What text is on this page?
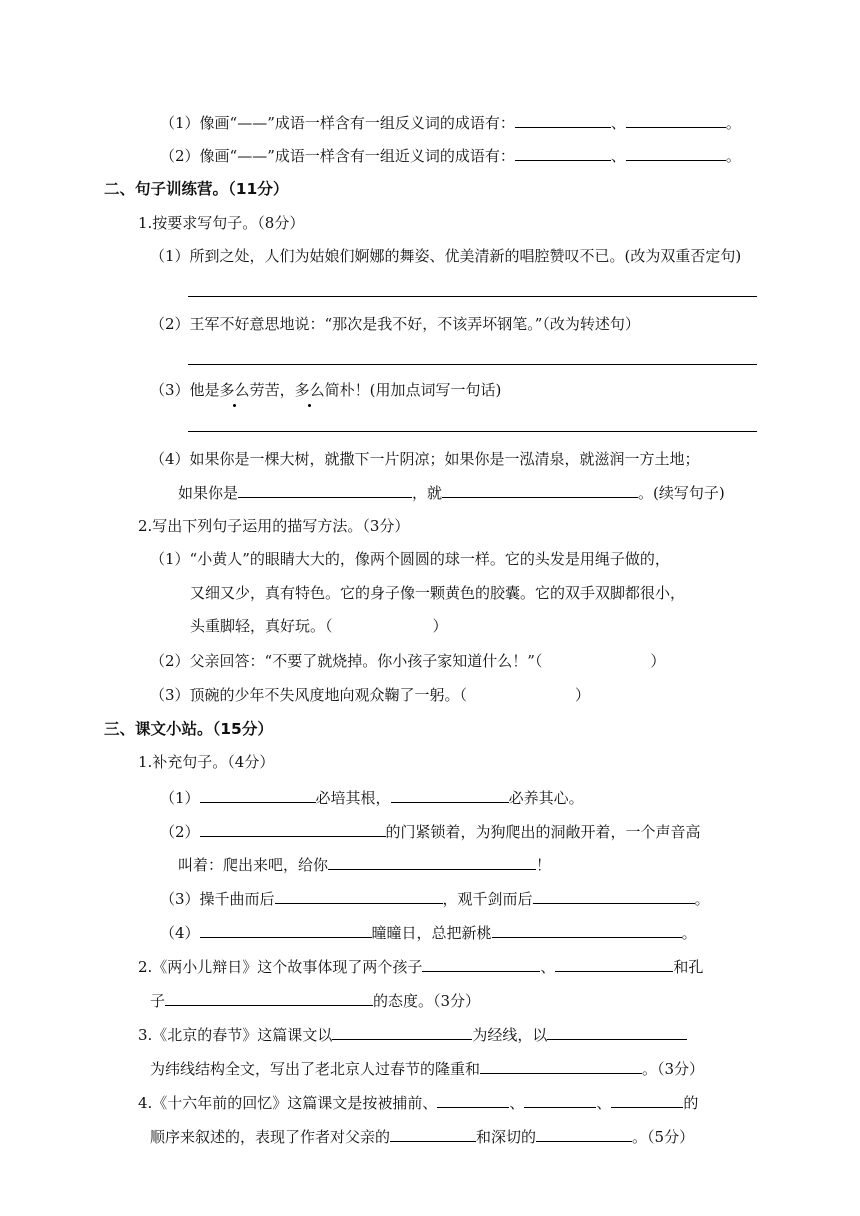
（1）像画“——”成语一样含有一组反义词的成语有：	、	。
（2）像画“——”成语一样含有一组近义词的成语有：	、	。
二、句子训练营。（11分）
1.按要求写句子。（8分）
（1）所到之处，人们为姑娘们婀娜的舞姿、优美清新的唱腔赞叹不已。(改为双重否定句)
（2）王军不好意思地说：“那次是我不好，不该弄坏钢笔。”（改为转述句）
（3）他是多么劳苦，多么简朴！(用加点词写一句话)
（4）如果你是一棵大树，就撒下一片阴凉；如果你是一泓清泉，就滋润一方土地；
如果你是	，就	。(续写句子)
2.写出下列句子运用的描写方法。（3分）
（1）“小黄人”的眼睛大大的，像两个圆圆的球一样。它的头发是用绳子做的，
又细又少，真有特色。它的身子像一颗黄色的胶囊。它的双手双脚都很小，
头重脚轻，真好玩。（	）
（2）父亲回答：“不要了就烧掉。你小孩子家知道什么！”（	）
（3）顶碗的少年不失风度地向观众鞠了一躬。（	）
三、课文小站。（15分）
1.补充句子。（4分）
（1）	必培其根，	必养其心。
（2）	的门紧锁着，为狗爬出的洞敞开着，一个声音高
叫着：爬出来吧，给你	！
（3）操千曲而后	，观千剑而后	。
（4）	曈曈日，总把新桃	。
2.《两小儿辩日》这个故事体现了两个孩子	、	和孔
子	的态度。（3分）
3.《北京的春节》这篇课文以	为经线，以
为纬线结构全文，写出了老北京人过春节的隆重和	。（3分）
4.《十六年前的回忆》这篇课文是按被捕前、	、	、	的
顺序来叙述的，表现了作者对父亲的	和深切的	。（5分）
